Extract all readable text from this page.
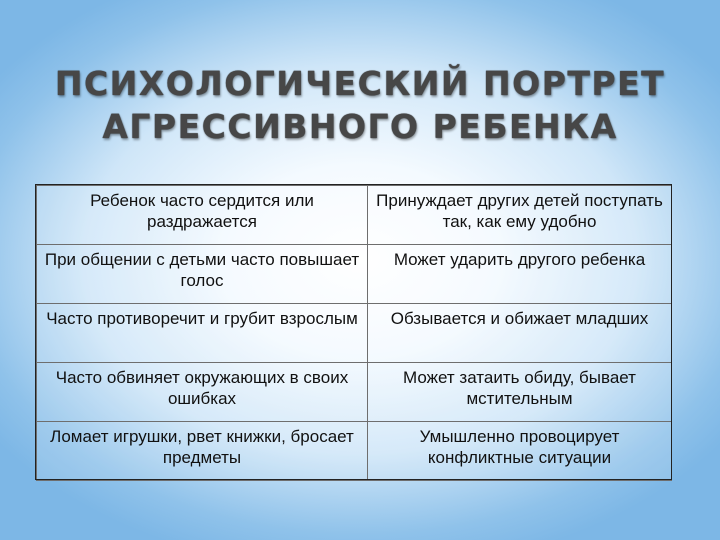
ПСИХОЛОГИЧЕСКИЙ ПОРТРЕТ
АГРЕССИВНОГО РЕБЕНКА
Ребенок часто сердится или раздражается	Принуждает других детей поступать так, как ему удобно
При общении с детьми часто повышает голос	Может ударить другого ребенка
Часто противоречит и грубит взрослым	Обзывается и обижает младших
Часто обвиняет окружающих в своих ошибках	Может затаить обиду, бывает мстительным
Ломает игрушки, рвет книжки, бросает предметы	Умышленно провоцирует конфликтные ситуации
